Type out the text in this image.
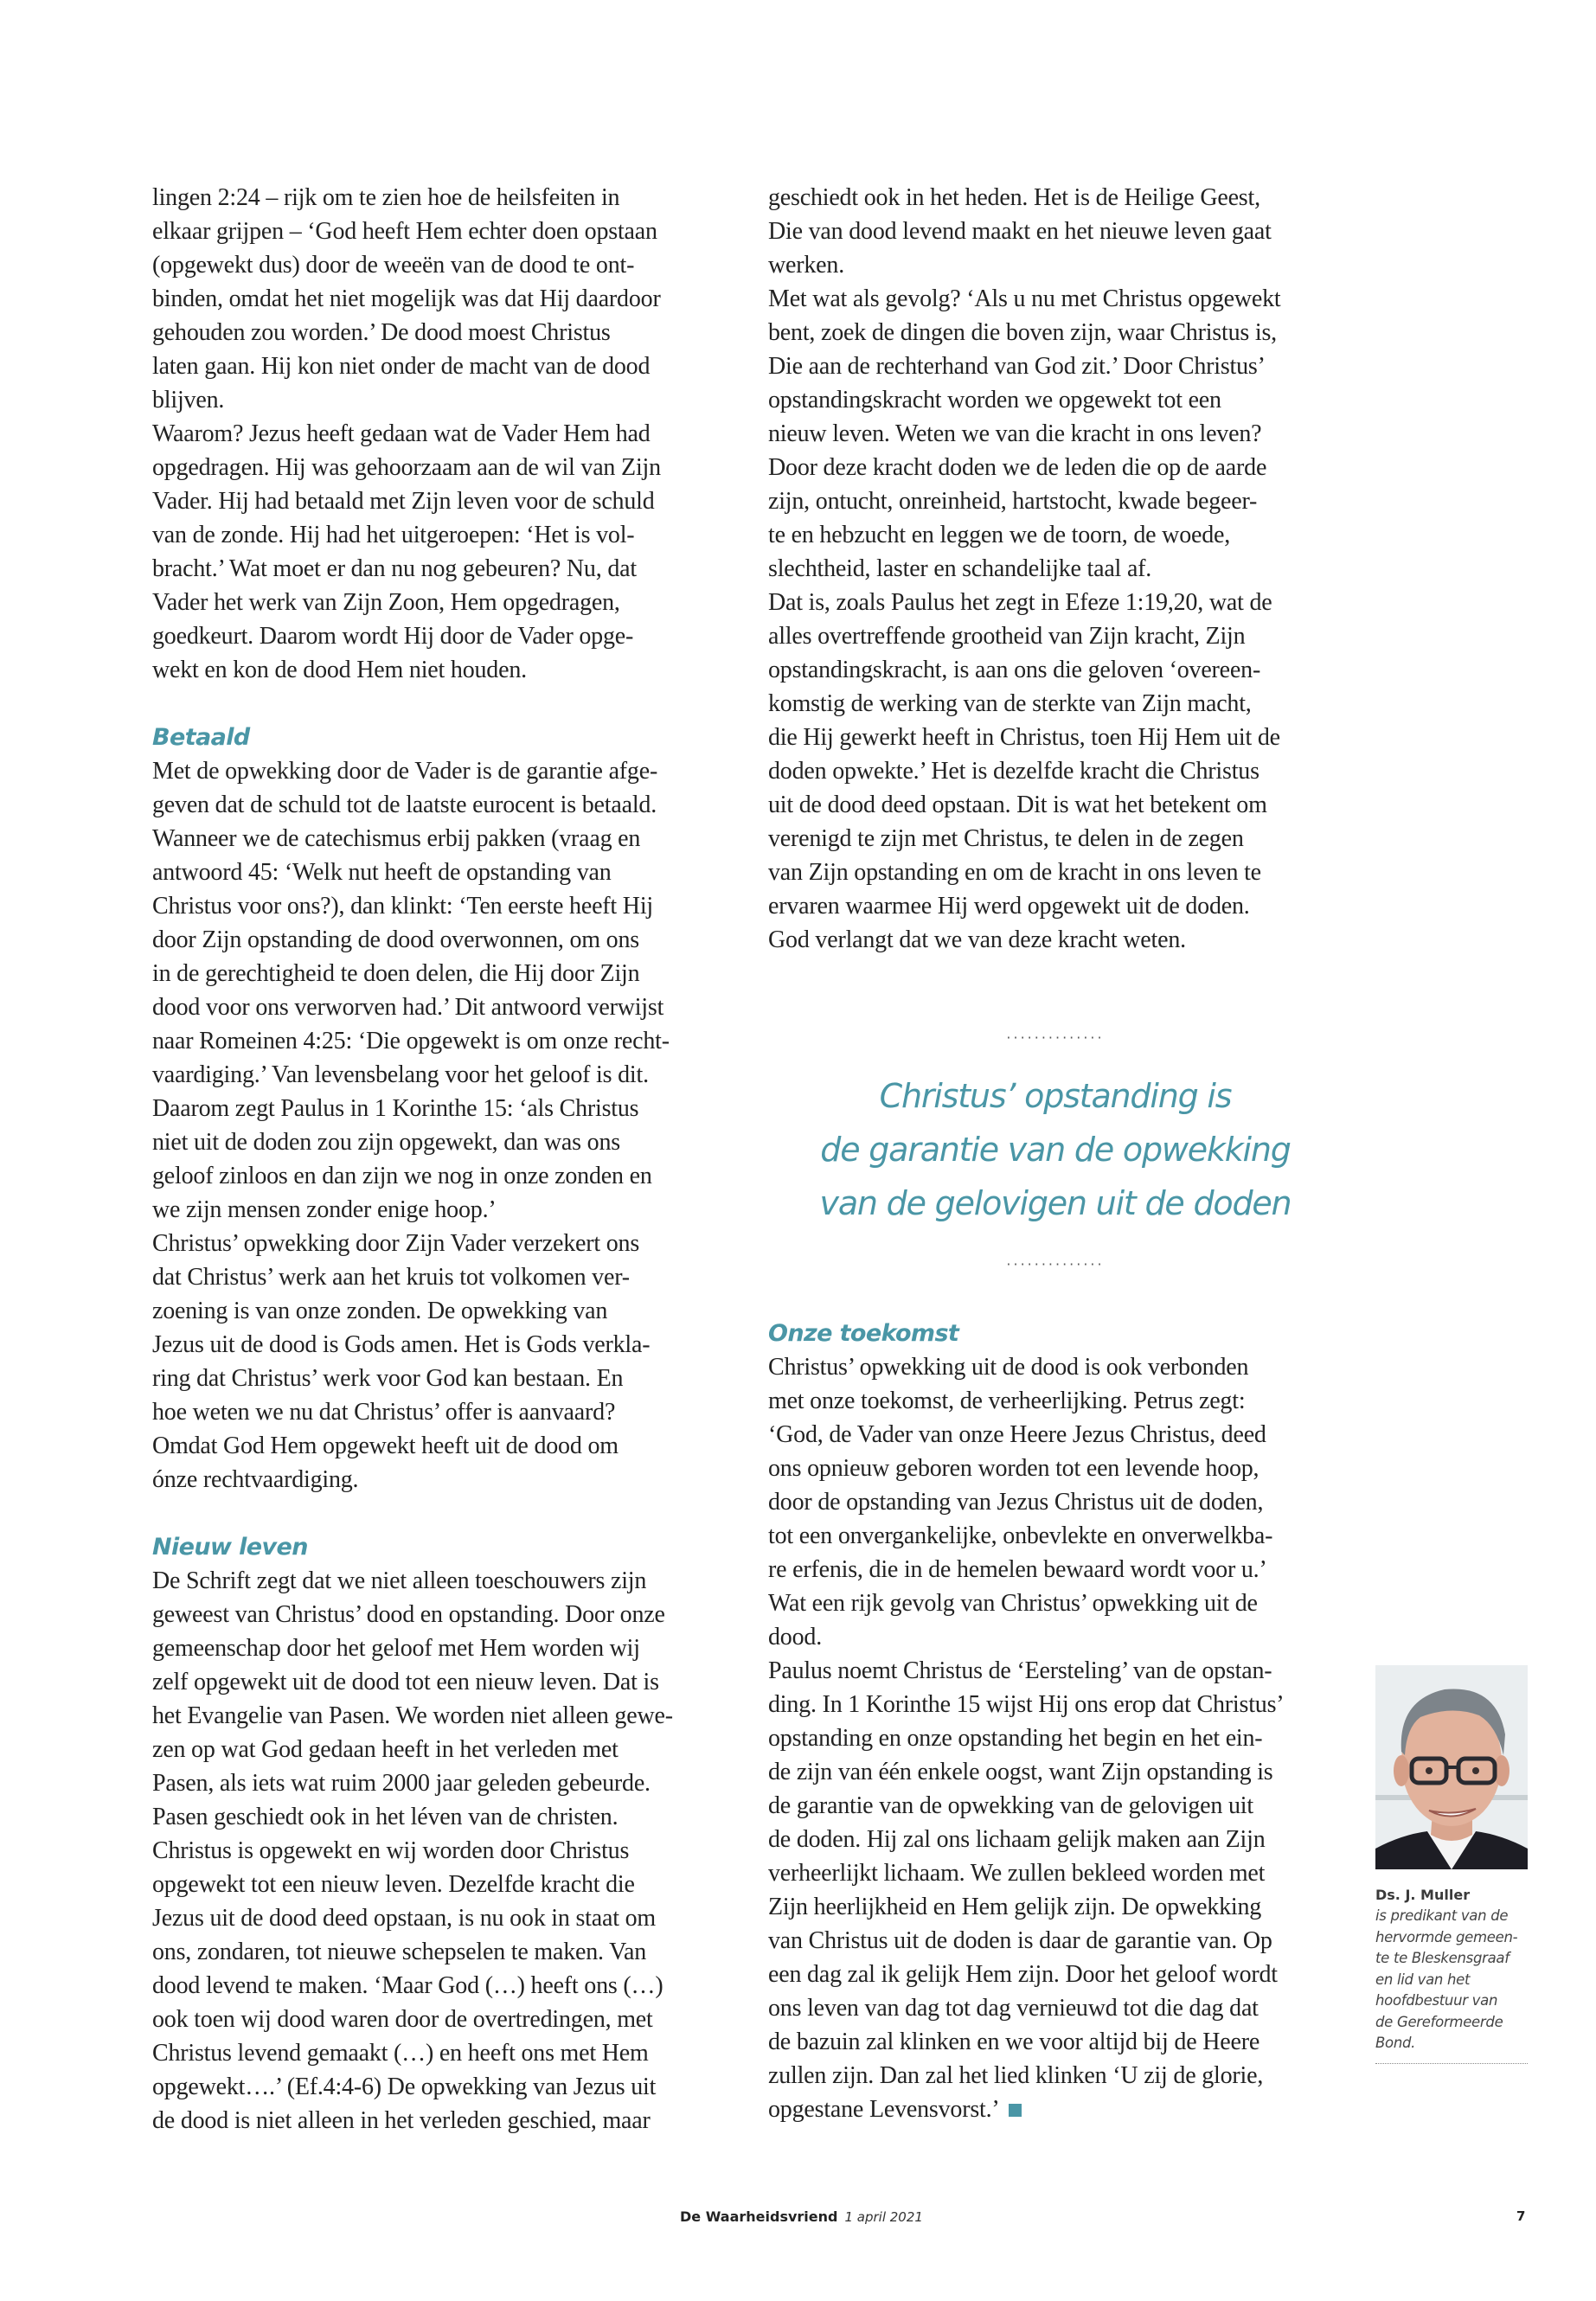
lingen 2:24 – rijk om te zien hoe de heilsfeiten in
elkaar grijpen – ‘God heeft Hem echter doen opstaan
(opgewekt dus) door de weeën van de dood te ont-
binden, omdat het niet mogelijk was dat Hij daardoor
gehouden zou worden.’ De dood moest Christus
laten gaan. Hij kon niet onder de macht van de dood
blijven.

Waarom? Jezus heeft gedaan wat de Vader Hem had
opgedragen. Hij was gehoorzaam aan de wil van Zijn
Vader. Hij had betaald met Zijn leven voor de schuld
van de zonde. Hij had het uitgeroepen: ‘Het is vol-
bracht.’ Wat moet er dan nu nog gebeuren? Nu, dat
Vader het werk van Zijn Zoon, Hem opgedragen,
goedkeurt. Daarom wordt Hij door de Vader opge-
wekt en kon de dood Hem niet houden.

Betaald

Met de opwekking door de Vader is de garantie afge-
geven dat de schuld tot de laatste eurocent is betaald.
Wanneer we de catechismus erbij pakken (vraag en
antwoord 45: ‘Welk nut heeft de opstanding van
Christus voor ons?), dan klinkt: ‘Ten eerste heeft Hij
door Zijn opstanding de dood overwonnen, om ons
in de gerechtigheid te doen delen, die Hij door Zijn
dood voor ons verworven had.’ Dit antwoord verwijst
naar Romeinen 4:25: ‘Die opgewekt is om onze recht-
vaardiging.’ Van levensbelang voor het geloof is dit.
Daarom zegt Paulus in 1 Korinthe 15: ‘als Christus
niet uit de doden zou zijn opgewekt, dan was ons
geloof zinloos en dan zijn we nog in onze zonden en
we zijn mensen zonder enige hoop.’

Christus’ opwekking door Zijn Vader verzekert ons
dat Christus’ werk aan het kruis tot volkomen ver-
zoening is van onze zonden. De opwekking van
Jezus uit de dood is Gods amen. Het is Gods verkla-
ring dat Christus’ werk voor God kan bestaan. En
hoe weten we nu dat Christus’ offer is aanvaard?
Omdat God Hem opgewekt heeft uit de dood om
ónze rechtvaardiging.

Nieuw leven

De Schrift zegt dat we niet alleen toeschouwers zijn
geweest van Christus’ dood en opstanding. Door onze
gemeenschap door het geloof met Hem worden wij
zelf opgewekt uit de dood tot een nieuw leven. Dat is
het Evangelie van Pasen. We worden niet alleen gewe-
zen op wat God gedaan heeft in het verleden met
Pasen, als iets wat ruim 2000 jaar geleden gebeurde.
Pasen geschiedt ook in het léven van de christen.
Christus is opgewekt en wij worden door Christus
opgewekt tot een nieuw leven. Dezelfde kracht die
Jezus uit de dood deed opstaan, is nu ook in staat om
ons, zondaren, tot nieuwe schepselen te maken. Van
dood levend te maken. ‘Maar God (…) heeft ons (…)
ook toen wij dood waren door de overtredingen, met
Christus levend gemaakt (…) en heeft ons met Hem
opgewekt….’ (Ef.4:4-6) De opwekking van Jezus uit
de dood is niet alleen in het verleden geschied, maar

geschiedt ook in het heden. Het is de Heilige Geest,
Die van dood levend maakt en het nieuwe leven gaat
werken.

Met wat als gevolg? ‘Als u nu met Christus opgewekt
bent, zoek de dingen die boven zijn, waar Christus is,
Die aan de rechterhand van God zit.’ Door Christus’
opstandingskracht worden we opgewekt tot een
nieuw leven. Weten we van die kracht in ons leven?
Door deze kracht doden we de leden die op de aarde
zijn, ontucht, onreinheid, hartstocht, kwade begeer-
te en hebzucht en leggen we de toorn, de woede,
slechtheid, laster en schandelijke taal af.

Dat is, zoals Paulus het zegt in Efeze 1:19,20, wat de
alles overtreffende grootheid van Zijn kracht, Zijn
opstandingskracht, is aan ons die geloven ‘overeen-
komstig de werking van de sterkte van Zijn macht,
die Hij gewerkt heeft in Christus, toen Hij Hem uit de
doden opwekte.’ Het is dezelfde kracht die Christus
uit de dood deed opstaan. Dit is wat het betekent om
verenigd te zijn met Christus, te delen in de zegen
van Zijn opstanding en om de kracht in ons leven te
ervaren waarmee Hij werd opgewekt uit de doden.
God verlangt dat we van deze kracht weten.

··············
Christus’ opstanding is
de garantie van de opwekking
van de gelovigen uit de doden
··············
Onze toekomst

Christus’ opwekking uit de dood is ook verbonden
met onze toekomst, de verheerlijking. Petrus zegt:
‘God, de Vader van onze Heere Jezus Christus, deed
ons opnieuw geboren worden tot een levende hoop,
door de opstanding van Jezus Christus uit de doden,
tot een onvergankelijke, onbevlekte en onverwelkba-
re erfenis, die in de hemelen bewaard wordt voor u.’
Wat een rijk gevolg van Christus’ opwekking uit de
dood.

Paulus noemt Christus de ‘Eersteling’ van de opstan-
ding. In 1 Korinthe 15 wijst Hij ons erop dat Christus’
opstanding en onze opstanding het begin en het ein-
de zijn van één enkele oogst, want Zijn opstanding is
de garantie van de opwekking van de gelovigen uit
de doden. Hij zal ons lichaam gelijk maken aan Zijn
verheerlijkt lichaam. We zullen bekleed worden met
Zijn heerlijkheid en Hem gelijk zijn. De opwekking
van Christus uit de doden is daar de garantie van. Op
een dag zal ik gelijk Hem zijn. Door het geloof wordt
ons leven van dag tot dag vernieuwd tot die dag dat
de bazuin zal klinken en we voor altijd bij de Heere
zullen zijn. Dan zal het lied klinken ‘U zij de glorie,
opgestane Levensvorst.’

Ds. J. Muller
is predikant van de
hervormde gemeen-
te te Bleskensgraaf
en lid van het
hoofdbestuur van
de Gereformeerde
Bond.
De Waarheidsvriend 1 april 2021	7
